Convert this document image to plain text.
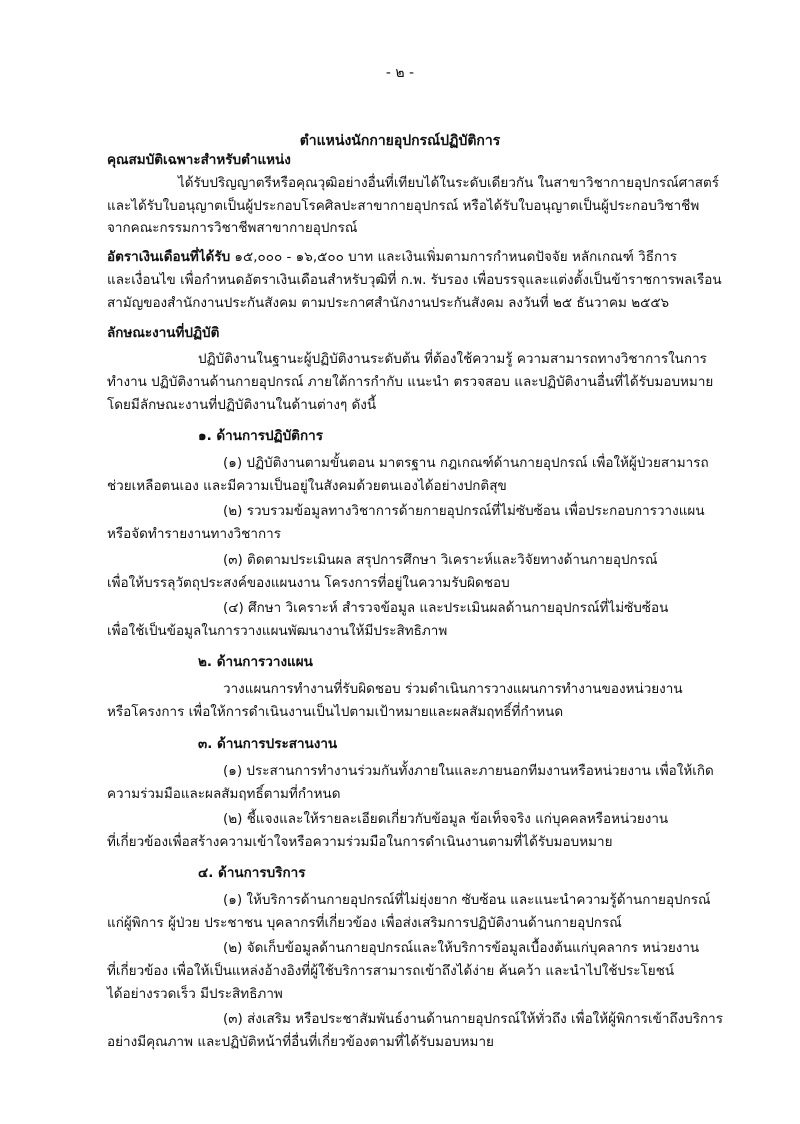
- ๒ -
ตำแหน่งนักกายอุปกรณ์ปฏิบัติการ
คุณสมบัติเฉพาะสำหรับตำแหน่ง
ได้รับปริญญาตรีหรือคุณวุฒิอย่างอื่นที่เทียบได้ในระดับเดียวกัน ในสาขาวิชากายอุปกรณ์ศาสตร์
และได้รับใบอนุญาตเป็นผู้ประกอบโรคศิลปะสาขากายอุปกรณ์ หรือได้รับใบอนุญาตเป็นผู้ประกอบวิชาชีพ
จากคณะกรรมการวิชาชีพสาขากายอุปกรณ์
อัตราเงินเดือนที่ได้รับ ๑๕,๐๐๐ - ๑๖,๕๐๐ บาท และเงินเพิ่มตามการกำหนดปัจจัย หลักเกณฑ์ วิธีการ
และเงื่อนไข เพื่อกำหนดอัตราเงินเดือนสำหรับวุฒิที่ ก.พ. รับรอง เพื่อบรรจุและแต่งตั้งเป็นข้าราชการพลเรือน
สามัญของสำนักงานประกันสังคม ตามประกาศสำนักงานประกันสังคม ลงวันที่ ๒๕ ธันวาคม ๒๕๕๖
ลักษณะงานที่ปฏิบัติ
ปฏิบัติงานในฐานะผู้ปฏิบัติงานระดับต้น ที่ต้องใช้ความรู้ ความสามารถทางวิชาการในการ
ทำงาน ปฏิบัติงานด้านกายอุปกรณ์ ภายใต้การกำกับ แนะนำ ตรวจสอบ และปฏิบัติงานอื่นที่ได้รับมอบหมาย
โดยมีลักษณะงานที่ปฏิบัติงานในด้านต่างๆ ดังนี้
๑. ด้านการปฏิบัติการ
(๑) ปฏิบัติงานตามขั้นตอน มาตรฐาน กฎเกณฑ์ด้านกายอุปกรณ์ เพื่อให้ผู้ป่วยสามารถ
ช่วยเหลือตนเอง และมีความเป็นอยู่ในสังคมด้วยตนเองได้อย่างปกติสุข
(๒) รวบรวมข้อมูลทางวิชาการด้ายกายอุปกรณ์ที่ไม่ซับซ้อน เพื่อประกอบการวางแผน
หรือจัดทำรายงานทางวิชาการ
(๓) ติดตามประเมินผล สรุปการศึกษา วิเคราะห์และวิจัยทางด้านกายอุปกรณ์
เพื่อให้บรรลุวัตถุประสงค์ของแผนงาน โครงการที่อยู่ในความรับผิดชอบ
(๔) ศึกษา วิเคราะห์ สำรวจข้อมูล และประเมินผลด้านกายอุปกรณ์ที่ไม่ซับซ้อน
เพื่อใช้เป็นข้อมูลในการวางแผนพัฒนางานให้มีประสิทธิภาพ
๒. ด้านการวางแผน
วางแผนการทำงานที่รับผิดชอบ ร่วมดำเนินการวางแผนการทำงานของหน่วยงาน
หรือโครงการ เพื่อให้การดำเนินงานเป็นไปตามเป้าหมายและผลสัมฤทธิ์ที่กำหนด
๓. ด้านการประสานงาน
(๑) ประสานการทำงานร่วมกันทั้งภายในและภายนอกทีมงานหรือหน่วยงาน เพื่อให้เกิด
ความร่วมมือและผลสัมฤทธิ์ตามที่กำหนด
(๒) ชี้แจงและให้รายละเอียดเกี่ยวกับข้อมูล ข้อเท็จจริง แก่บุคคลหรือหน่วยงาน
ที่เกี่ยวข้องเพื่อสร้างความเข้าใจหรือความร่วมมือในการดำเนินงานตามที่ได้รับมอบหมาย
๔. ด้านการบริการ
(๑) ให้บริการด้านกายอุปกรณ์ที่ไม่ยุ่งยาก ซับซ้อน และแนะนำความรู้ด้านกายอุปกรณ์
แก่ผู้พิการ ผู้ป่วย ประชาชน บุคลากรที่เกี่ยวข้อง เพื่อส่งเสริมการปฏิบัติงานด้านกายอุปกรณ์
(๒) จัดเก็บข้อมูลด้านกายอุปกรณ์และให้บริการข้อมูลเบื้องต้นแก่บุคลากร หน่วยงาน
ที่เกี่ยวข้อง เพื่อให้เป็นแหล่งอ้างอิงที่ผู้ใช้บริการสามารถเข้าถึงได้ง่าย ค้นคว้า และนำไปใช้ประโยชน์
ได้อย่างรวดเร็ว มีประสิทธิภาพ
(๓) ส่งเสริม หรือประชาสัมพันธ์งานด้านกายอุปกรณ์ให้ทั่วถึง เพื่อให้ผู้พิการเข้าถึงบริการ
อย่างมีคุณภาพ และปฏิบัติหน้าที่อื่นที่เกี่ยวข้องตามที่ได้รับมอบหมาย
